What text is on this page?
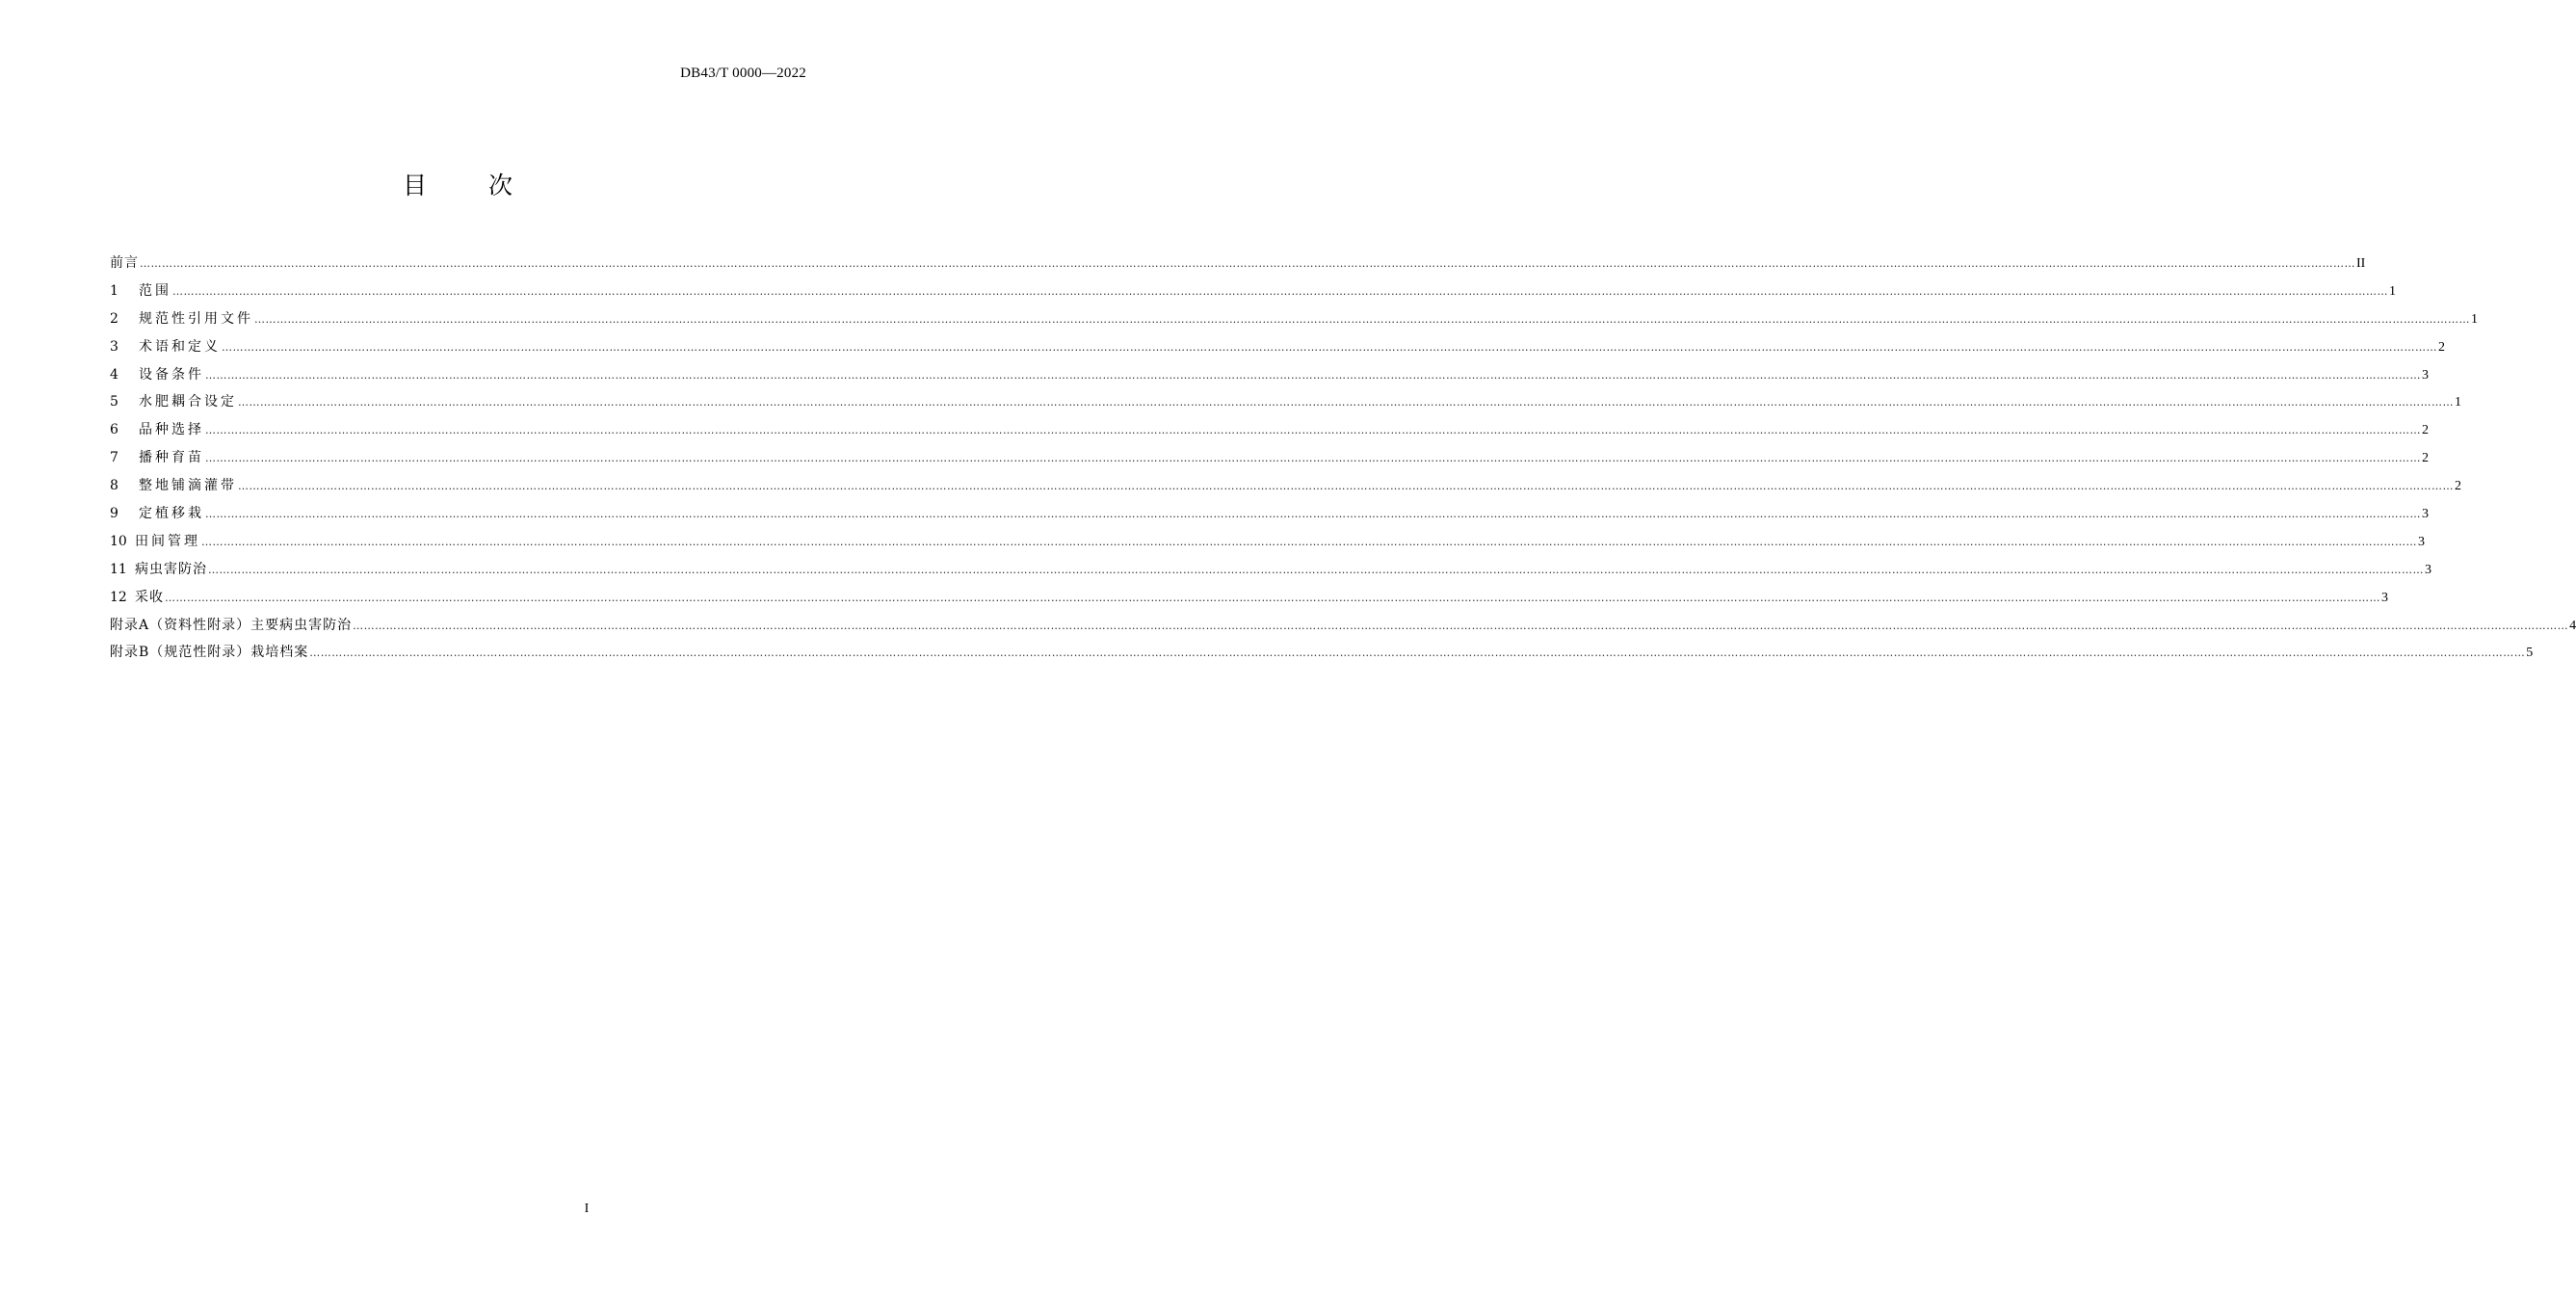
DB43/T 0000—2022
目 次
前言 …………………………………………………………………………………………………………………………………………………………………………………………………………………………………………………………………………………………………………………………………………………………………………………………………………………………………………………………………………………………………………………………………………………… II
1	范围 …………………………………………………………………………………………………………………………………………………………………………………………………………………………………………………………………………………………………………………………………………………………………………………………………………………………………………………………………………………………………………………………………………………… 1
2	规范性引用文件 …………………………………………………………………………………………………………………………………………………………………………………………………………………………………………………………………………………………………………………………………………………………………………………………………………………………………………………………………………………………………………………………………………………… 1
3	术语和定义 …………………………………………………………………………………………………………………………………………………………………………………………………………………………………………………………………………………………………………………………………………………………………………………………………………………………………………………………………………………………………………………………………………………… 2
4	设备条件 …………………………………………………………………………………………………………………………………………………………………………………………………………………………………………………………………………………………………………………………………………………………………………………………………………………………………………………………………………………………………………………………………………………… 3
5	水肥耦合设定 …………………………………………………………………………………………………………………………………………………………………………………………………………………………………………………………………………………………………………………………………………………………………………………………………………………………………………………………………………………………………………………………………………………… 1
6	品种选择 …………………………………………………………………………………………………………………………………………………………………………………………………………………………………………………………………………………………………………………………………………………………………………………………………………………………………………………………………………………………………………………………………………………… 2
7	播种育苗 …………………………………………………………………………………………………………………………………………………………………………………………………………………………………………………………………………………………………………………………………………………………………………………………………………………………………………………………………………………………………………………………………………………… 2
8	整地铺滴灌带 …………………………………………………………………………………………………………………………………………………………………………………………………………………………………………………………………………………………………………………………………………………………………………………………………………………………………………………………………………………………………………………………………………………… 2
9	定植移栽 …………………………………………………………………………………………………………………………………………………………………………………………………………………………………………………………………………………………………………………………………………………………………………………………………………………………………………………………………………………………………………………………………………………… 3
10 田间管理 …………………………………………………………………………………………………………………………………………………………………………………………………………………………………………………………………………………………………………………………………………………………………………………………………………………………………………………………………………………………………………………………………………………… 3
11 病虫害防治 …………………………………………………………………………………………………………………………………………………………………………………………………………………………………………………………………………………………………………………………………………………………………………………………………………………………………………………………………………………………………………………………………………………… 3
12 采收 …………………………………………………………………………………………………………………………………………………………………………………………………………………………………………………………………………………………………………………………………………………………………………………………………………………………………………………………………………………………………………………………………………………… 3
附录A（资料性附录）主要病虫害防治 …………………………………………………………………………………………………………………………………………………………………………………………………………………………………………………………………………………………………………………………………………………………………………………………………………………………………………………………………………………………………………………………………………………… 4
附录B（规范性附录）栽培档案 …………………………………………………………………………………………………………………………………………………………………………………………………………………………………………………………………………………………………………………………………………………………………………………………………………………………………………………………………………………………………………………………………………………… 5
I
